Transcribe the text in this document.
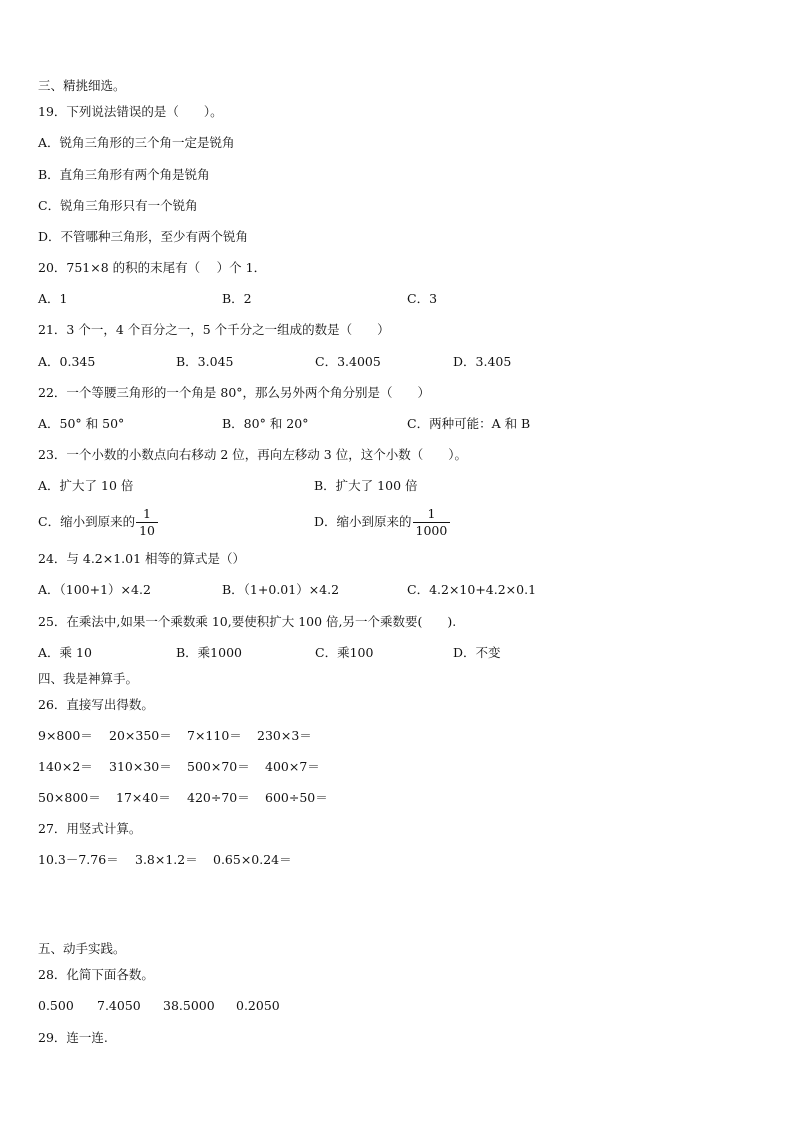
三、精挑细选。
19．下列说法错误的是（　　）。
A．锐角三角形的三个角一定是锐角
B．直角三角形有两个角是锐角
C．锐角三角形只有一个锐角
D．不管哪种三角形，至少有两个锐角
20．751×8 的积的末尾有（　 ）个 1．
A．1	B．2	C．3
21．3 个一，4 个百分之一，5 个千分之一组成的数是（　　）
A．0.345	B．3.045	C．3.4005	D．3.405
22．一个等腰三角形的一个角是 80°，那么另外两个角分别是（　　）
A．50° 和 50°	B．80° 和 20°	C．两种可能：A 和 B
23．一个小数的小数点向右移动 2 位，再向左移动 3 位，这个小数（　　）。
A．扩大了 10 倍	B．扩大了 100 倍
C．缩小到原来的 $\frac{1}{10}$	D．缩小到原来的 $\frac{1}{1000}$
24．与 4.2×1.01 相等的算式是（）
A．（100+1）×4.2	B．（1+0.01）×4.2	C．4.2×10+4.2×0.1
25．在乘法中,如果一个乘数乘 10,要使积扩大 100 倍,另一个乘数要(　　).
A．乘 10	B．乘1000	C．乘100	D．不变
四、我是神算手。
26．直接写出得数。
9×800＝ 20×350＝ 7×110＝ 230×3＝
140×2＝ 310×30＝ 500×70＝ 400×7＝
50×800＝ 17×40＝ 420÷70＝ 600÷50＝
27．用竖式计算。
10.3－7.76＝ 3.8×1.2＝ 0.65×0.24＝
五、动手实践。
28．化简下面各数。
0.500 7.4050 38.5000 0.2050
29．连一连.
